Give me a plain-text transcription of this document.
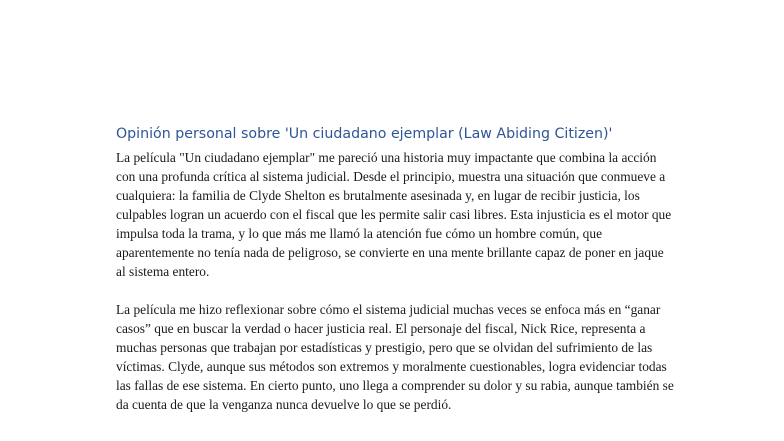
Opinión personal sobre 'Un ciudadano ejemplar (Law Abiding Citizen)'

La película "Un ciudadano ejemplar" me pareció una historia muy impactante que combina la acción con una profunda crítica al sistema judicial. Desde el principio, muestra una situación que conmueve a cualquiera: la familia de Clyde Shelton es brutalmente asesinada y, en lugar de recibir justicia, los culpables logran un acuerdo con el fiscal que les permite salir casi libres. Esta injusticia es el motor que impulsa toda la trama, y lo que más me llamó la atención fue cómo un hombre común, que aparentemente no tenía nada de peligroso, se convierte en una mente brillante capaz de poner en jaque al sistema entero.

La película me hizo reflexionar sobre cómo el sistema judicial muchas veces se enfoca más en “ganar casos” que en buscar la verdad o hacer justicia real. El personaje del fiscal, Nick Rice, representa a muchas personas que trabajan por estadísticas y prestigio, pero que se olvidan del sufrimiento de las víctimas. Clyde, aunque sus métodos son extremos y moralmente cuestionables, logra evidenciar todas las fallas de ese sistema. En cierto punto, uno llega a comprender su dolor y su rabia, aunque también se da cuenta de que la venganza nunca devuelve lo que se perdió.
